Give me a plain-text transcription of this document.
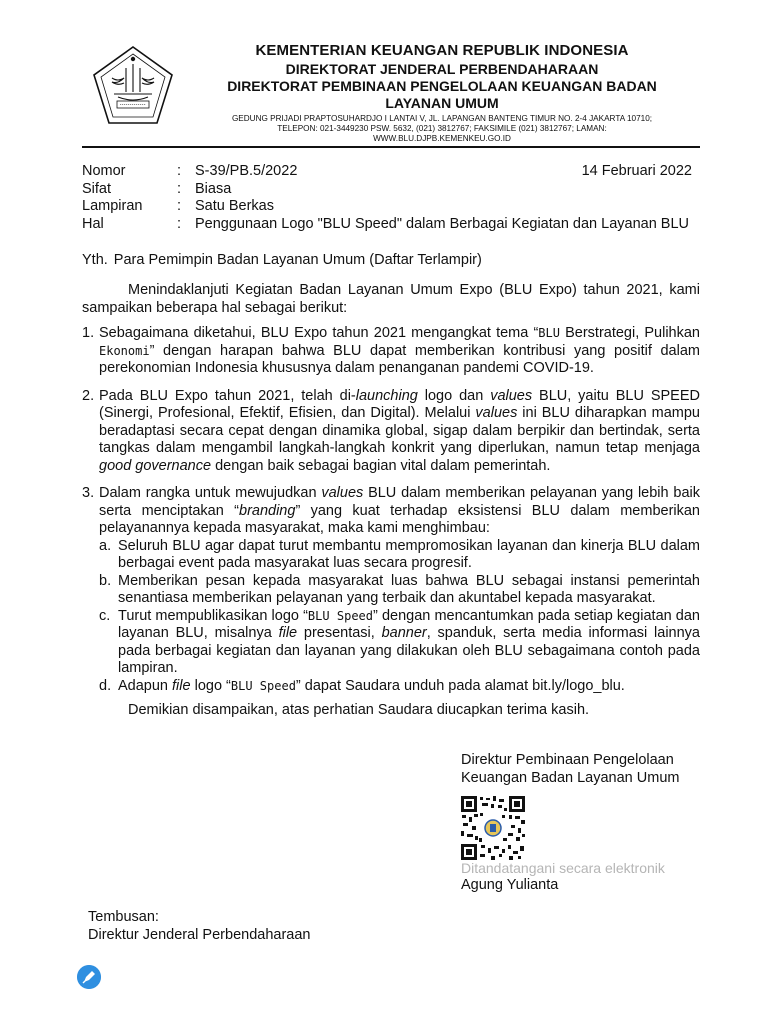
KEMENTERIAN KEUANGAN REPUBLIK INDONESIA
DIREKTORAT JENDERAL PERBENDAHARAAN
DIREKTORAT PEMBINAAN PENGELOLAAN KEUANGAN BADAN
LAYANAN UMUM
GEDUNG PRIJADI PRAPTOSUHARDJO I LANTAI V, JL. LAPANGAN BANTENG TIMUR NO. 2-4 JAKARTA 10710;
TELEPON: 021-3449230 PSW. 5632, (021) 3812767; FAKSIMILE (021) 3812767; LAMAN:
WWW.BLU.DJPB.KEMENKEU.GO.ID
Nomor	: S-39/PB.5/2022	14 Februari 2022
Sifat	: Biasa
Lampiran : Satu Berkas
Hal	: Penggunaan Logo "BLU Speed" dalam Berbagai Kegiatan dan Layanan BLU
Yth. Para Pemimpin Badan Layanan Umum (Daftar Terlampir)

Menindaklanjuti Kegiatan Badan Layanan Umum Expo (BLU Expo) tahun 2021, kami sampaikan beberapa hal sebagai berikut:

1. Sebagaimana diketahui, BLU Expo tahun 2021 mengangkat tema “BLU Berstrategi, Pulihkan Ekonomi” dengan harapan bahwa BLU dapat memberikan kontribusi yang positif dalam perekonomian Indonesia khususnya dalam penanganan pandemi COVID-19.
2. Pada BLU Expo tahun 2021, telah di-launching logo dan values BLU, yaitu BLU SPEED (Sinergi, Profesional, Efektif, Efisien, dan Digital). Melalui values ini BLU diharapkan mampu beradaptasi secara cepat dengan dinamika global, sigap dalam berpikir dan bertindak, serta tangkas dalam mengambil langkah-langkah konkrit yang diperlukan, namun tetap menjaga good governance dengan baik sebagai bagian vital dalam pemerintah.
3. Dalam rangka untuk mewujudkan values BLU dalam memberikan pelayanan yang lebih baik serta menciptakan “branding” yang kuat terhadap eksistensi BLU dalam memberikan pelayanannya kepada masyarakat, maka kami menghimbau:
a. Seluruh BLU agar dapat turut membantu mempromosikan layanan dan kinerja BLU dalam berbagai event pada masyarakat luas secara progresif.
b. Memberikan pesan kepada masyarakat luas bahwa BLU sebagai instansi pemerintah senantiasa memberikan pelayanan yang terbaik dan akuntabel kepada masyarakat.
c. Turut mempublikasikan logo “BLU Speed” dengan mencantumkan pada setiap kegiatan dan layanan BLU, misalnya file presentasi, banner, spanduk, serta media informasi lainnya pada berbagai kegiatan dan layanan yang dilakukan oleh BLU sebagaimana contoh pada lampiran.
d. Adapun file logo “BLU Speed” dapat Saudara unduh pada alamat bit.ly/logo_blu.

Demikian disampaikan, atas perhatian Saudara diucapkan terima kasih.

Direktur Pembinaan Pengelolaan
Keuangan Badan Layanan Umum
Ditandatangani secara elektronik
Agung Yulianta
Tembusan:
Direktur Jenderal Perbendaharaan
